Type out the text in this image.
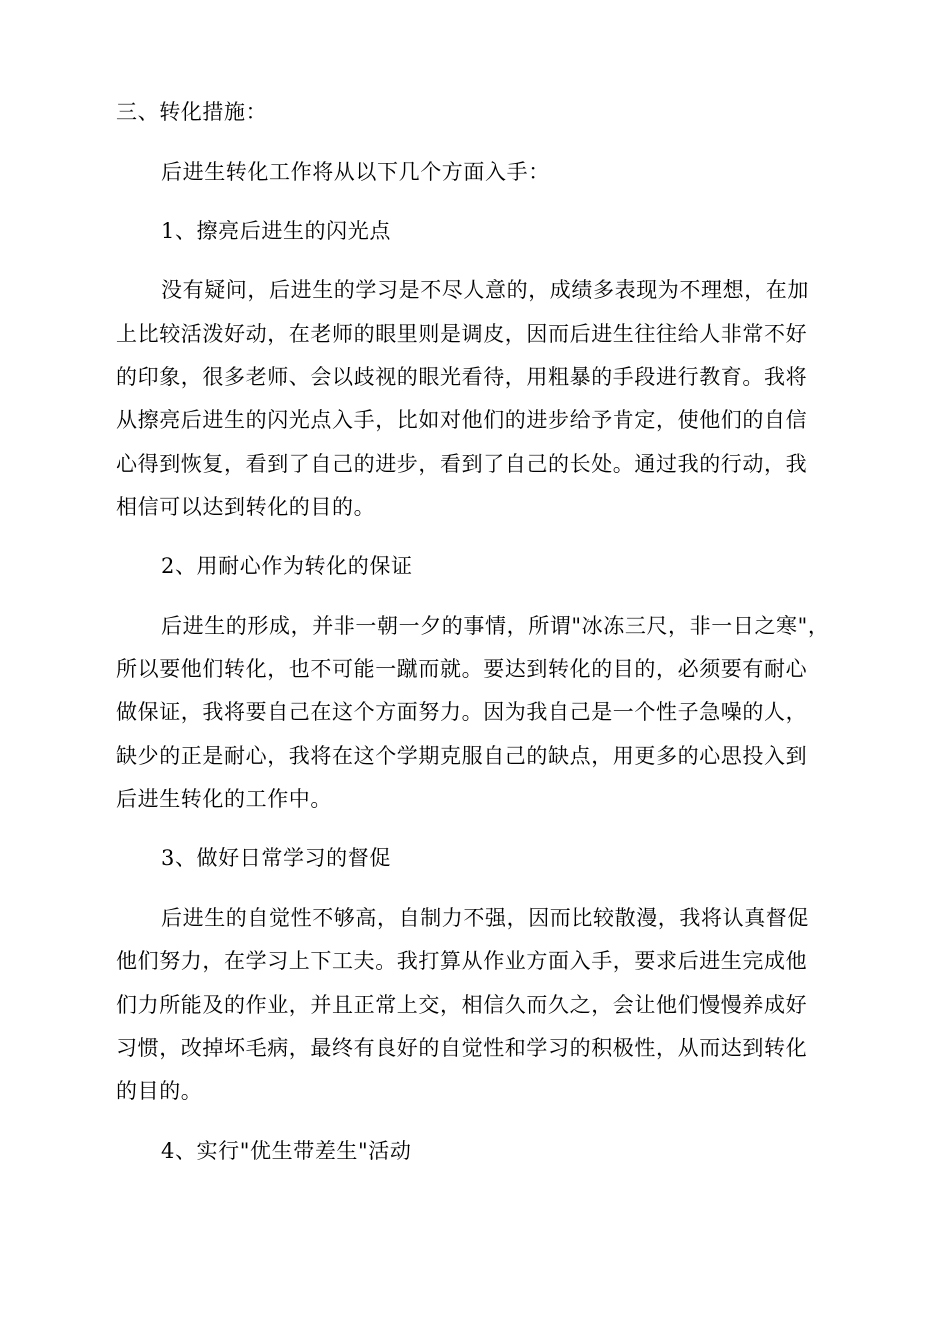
三、转化措施：
后进生转化工作将从以下几个方面入手：
1、擦亮后进生的闪光点
没有疑问，后进生的学习是不尽人意的，成绩多表现为不理想，在加
上比较活泼好动，在老师的眼里则是调皮，因而后进生往往给人非常不好
的印象，很多老师、会以歧视的眼光看待，用粗暴的手段进行教育。我将
从擦亮后进生的闪光点入手，比如对他们的进步给予肯定，使他们的自信
心得到恢复，看到了自己的进步，看到了自己的长处。通过我的行动，我
相信可以达到转化的目的。
2、用耐心作为转化的保证
后进生的形成，并非一朝一夕的事情，所谓"冰冻三尺，非一日之寒"，
所以要他们转化，也不可能一蹴而就。要达到转化的目的，必须要有耐心
做保证，我将要自己在这个方面努力。因为我自己是一个性子急噪的人，
缺少的正是耐心，我将在这个学期克服自己的缺点，用更多的心思投入到
后进生转化的工作中。
3、做好日常学习的督促
后进生的自觉性不够高，自制力不强，因而比较散漫，我将认真督促
他们努力，在学习上下工夫。我打算从作业方面入手，要求后进生完成他
们力所能及的作业，并且正常上交，相信久而久之，会让他们慢慢养成好
习惯，改掉坏毛病，最终有良好的自觉性和学习的积极性，从而达到转化
的目的。
4、实行"优生带差生"活动
